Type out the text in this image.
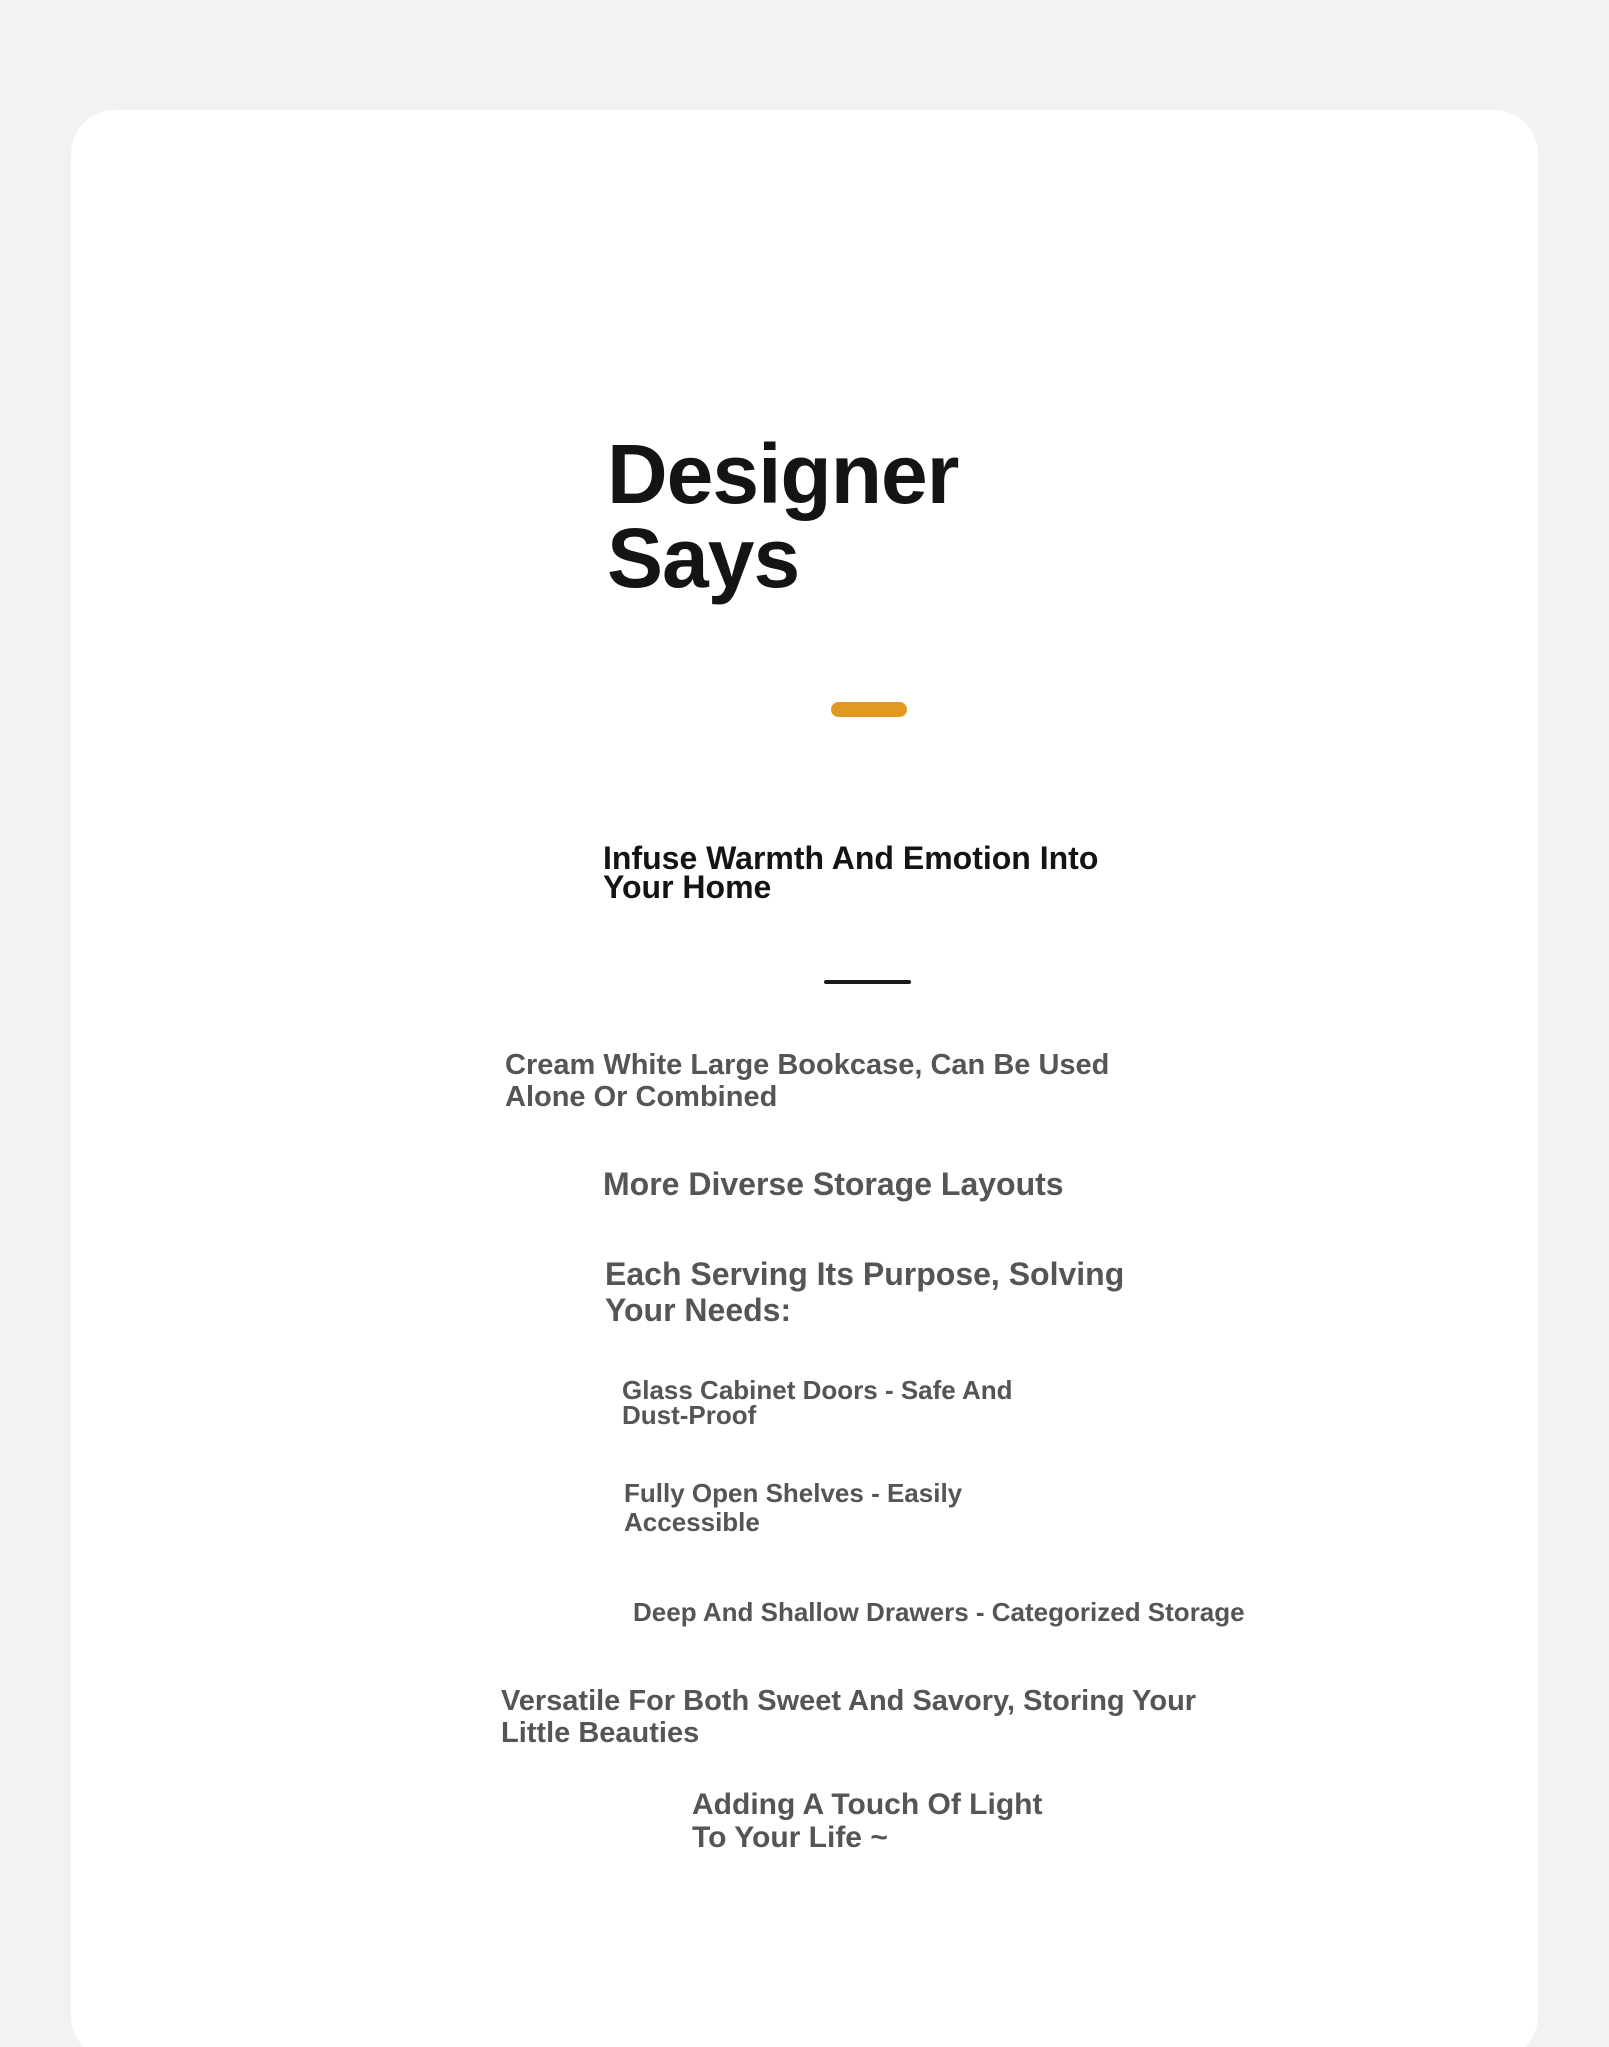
Designer Says
Infuse Warmth And Emotion Into Your Home

Cream White Large Bookcase, Can Be Used Alone Or Combined

More Diverse Storage Layouts

Each Serving Its Purpose, Solving Your Needs:

Glass Cabinet Doors - Safe And Dust-Proof

Fully Open Shelves - Easily Accessible

Deep And Shallow Drawers - Categorized Storage

Versatile For Both Sweet And Savory, Storing Your Little Beauties

Adding A Touch Of Light To Your Life ~
